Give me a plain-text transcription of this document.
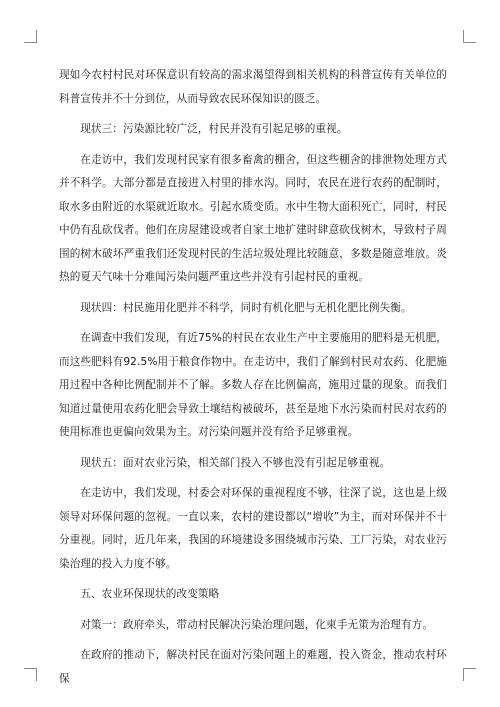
现如今农村村民对环保意识有较高的需求渴望得到相关机构的科普宣传有关单位的科普宣传并不十分到位，从而导致农民环保知识的匮乏。

现状三：污染源比较广泛，村民并没有引起足够的重视。

在走访中，我们发现村民家有很多畜禽的棚舍，但这些棚舍的排泄物处理方式并不科学。大部分都是直接进入村里的排水沟。同时，农民在进行农药的配制时，取水多由附近的水渠就近取水。引起水质变质。水中生物大面积死亡，同时，村民中仍有乱砍伐者。他们在房屋建设或者自家土地扩建时肆意砍伐树木，导致村子周围的树木破坏严重我们还发现村民的生活垃圾处理比较随意，多数是随意堆放。炎热的夏天气味十分难闻污染问题严重这些并没有引起村民的重视。

现状四：村民施用化肥并不科学，同时有机化肥与无机化肥比例失衡。

在调查中我们发现，有近75%的村民在农业生产中主要施用的肥料是无机肥，而这些肥料有92.5%用于粮食作物中。在走访中，我们了解到村民对农药、化肥施用过程中各种比例配制并不了解。多数人存在比例偏高，施用过量的现象。而我们知道过量使用农药化肥会导致土壤结构被破坏，甚至是地下水污染而村民对农药的使用标准也更偏向效果为主。对污染问题并没有给予足够重视。

现状五：面对农业污染，相关部门投入不够也没有引起足够重视。

在走访中，我们发现，村委会对环保的重视程度不够，往深了说，这也是上级领导对环保问题的忽视。一直以来，农村的建设都以“增收”为主，而对环保并不十分重视。同时，近几年来，我国的环境建设多围绕城市污染、工厂污染，对农业污染治理的投入力度不够。

五、农业环保现状的改变策略

对策一：政府牵头，带动村民解决污染治理问题，化柬手无策为治理有方。

在政府的推动下，解决村民在面对污染问题上的难题，投入资金，推动农村环保
